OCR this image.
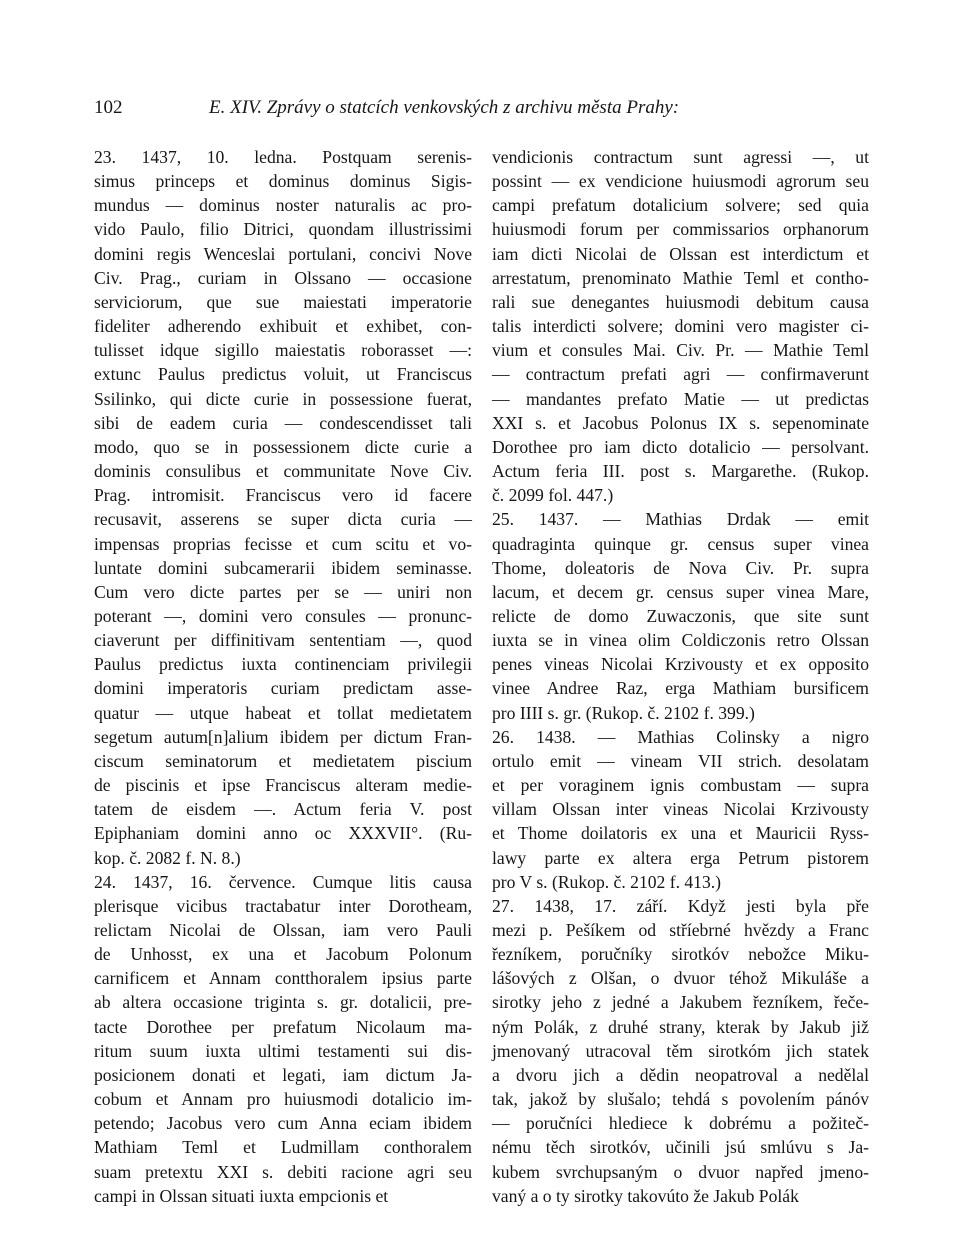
102	E. XIV. Zprávy o statcích venkovských z archivu města Prahy:

23. 1437, 10. ledna. Postquam serenis-

simus princeps et dominus dominus Sigis-

mundus — dominus noster naturalis ac pro-

vido Paulo, filio Ditrici, quondam illustrissimi

domini regis Wenceslai portulani, concivi Nove

Civ. Prag., curiam in Olssano — occasione

serviciorum, que sue maiestati imperatorie

fideliter adherendo exhibuit et exhibet, con-

tulisset idque sigillo maiestatis roborasset —:

extunc Paulus predictus voluit, ut Franciscus

Ssilinko, qui dicte curie in possessione fuerat,

sibi de eadem curia — condescendisset tali

modo, quo se in possessionem dicte curie a

dominis consulibus et communitate Nove Civ.

Prag. intromisit. Franciscus vero id facere

recusavit, asserens se super dicta curia —

impensas proprias fecisse et cum scitu et vo-

luntate domini subcamerarii ibidem seminasse.

Cum vero dicte partes per se — uniri non

poterant —, domini vero consules — pronunc-

ciaverunt per diffinitivam sententiam —, quod

Paulus predictus iuxta continenciam privilegii

domini imperatoris curiam predictam asse-

quatur — utque habeat et tollat medietatem

segetum autum[n]alium ibidem per dictum Fran-

ciscum seminatorum et medietatem piscium

de piscinis et ipse Franciscus alteram medie-

tatem de eisdem —. Actum feria V. post

Epiphaniam domini anno oc XXXVII°. (Ru-

kop. č. 2082 f. N. 8.)

24. 1437, 16. července. Cumque litis causa

plerisque vicibus tractabatur inter Dorotheam,

relictam Nicolai de Olssan, iam vero Pauli

de Unhosst, ex una et Jacobum Polonum

carnificem et Annam contthoralem ipsius parte

ab altera occasione triginta s. gr. dotalicii, pre-

tacte Dorothee per prefatum Nicolaum ma-

ritum suum iuxta ultimi testamenti sui dis-

posicionem donati et legati, iam dictum Ja-

cobum et Annam pro huiusmodi dotalicio im-

petendo; Jacobus vero cum Anna eciam ibidem

Mathiam Teml et Ludmillam conthoralem

suam pretextu XXI s. debiti racione agri seu

campi in Olssan situati iuxta empcionis et

vendicionis contractum sunt agressi —, ut

possint — ex vendicione huiusmodi agrorum seu

campi prefatum dotalicium solvere; sed quia

huiusmodi forum per commissarios orphanorum

iam dicti Nicolai de Olssan est interdictum et

arrestatum, prenominato Mathie Teml et contho-

rali sue denegantes huiusmodi debitum causa

talis interdicti solvere; domini vero magister ci-

vium et consules Mai. Civ. Pr. — Mathie Teml

— contractum prefati agri — confirmaverunt

— mandantes prefato Matie — ut predictas

XXI s. et Jacobus Polonus IX s. sepenominate

Dorothee pro iam dicto dotalicio — persolvant.

Actum feria III. post s. Margarethe. (Rukop.

č. 2099 fol. 447.)

25. 1437. — Mathias Drdak — emit

quadraginta quinque gr. census super vinea

Thome, doleatoris de Nova Civ. Pr. supra

lacum, et decem gr. census super vinea Mare,

relicte de domo Zuwaczonis, que site sunt

iuxta se in vinea olim Coldiczonis retro Olssan

penes vineas Nicolai Krzivousty et ex opposito

vinee Andree Raz, erga Mathiam bursificem

pro IIII s. gr. (Rukop. č. 2102 f. 399.)

26. 1438. — Mathias Colinsky a nigro

ortulo emit — vineam VII strich. desolatam

et per voraginem ignis combustam — supra

villam Olssan inter vineas Nicolai Krzivousty

et Thome doilatoris ex una et Mauricii Ryss-

lawy parte ex altera erga Petrum pistorem

pro V s. (Rukop. č. 2102 f. 413.)

27. 1438, 17. září. Když jesti byla pře

mezi p. Pešíkem od stříebrné hvězdy a Franc

řezníkem, poručníky sirotkóv nebožce Miku-

lášových z Olšan, o dvuor téhož Mikuláše a

sirotky jeho z jedné a Jakubem řezníkem, řeče-

ným Polák, z druhé strany, kterak by Jakub již

jmenovaný utracoval těm sirotkóm jich statek

a dvoru jich a dědin neopatroval a nedělal

tak, jakož by slušalo; tehdá s povolením pánóv

— poručníci hlediece k dobrému a požiteč-

nému těch sirotkóv, učinili jsú smlúvu s Ja-

kubem svrchupsaným o dvuor napřed jmeno-

vaný a o ty sirotky takovúto že Jakub Polák
